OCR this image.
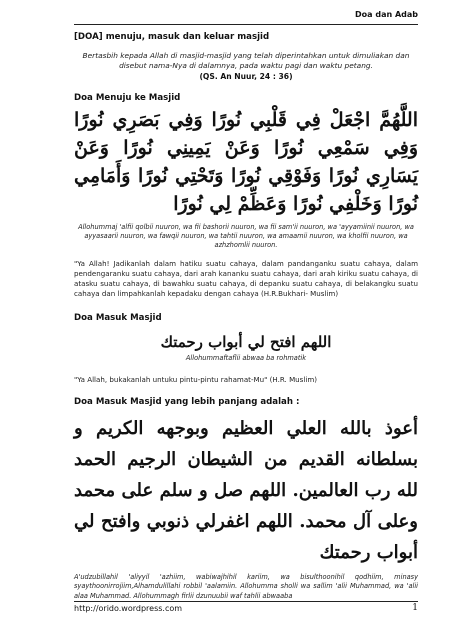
Doa dan Adab

[DOA] menuju, masuk dan keluar masjid

Bertasbih kepada Allah di masjid-masjid yang telah diperintahkan untuk dimuliakan dan disebut nama-Nya di dalamnya, pada waktu pagi dan waktu petang.
(QS. An Nuur, 24 : 36)

Doa Menuju ke Masjid

اللَّهُمَّ اجْعَلْ فِي قَلْبِي نُورًا وَفِي بَصَرِي نُورًا وَفِي سَمْعِي نُورًا وَعَنْ يَمِينِي نُورًا وَعَنْ يَسَارِي نُورًا وَفَوْقِي نُورًا وَتَحْتِي نُورًا وَأَمَامِي نُورًا وَخَلْفِي نُورًا وَعَظِّمْ لِي نُورًا
Allohummaj 'alfii qolbii nuuron, wa fii bashorii nuuron, wa fii sam'ii nuuron, wa 'ayyamiinii nuuron, wa ayyasaarii nuuron, wa fawqii nuuron, wa tahtii nuuron, wa amaamii nuuron, wa kholfii nuuron, wa azhzhomlii nuuron.
"Ya Allah! Jadikanlah dalam hatiku suatu cahaya, dalam pandanganku suatu cahaya, dalam pendengaranku suatu cahaya, dari arah kananku suatu cahaya, dari arah kiriku suatu cahaya, di atasku suatu cahaya, di bawahku suatu cahaya, di depanku suatu cahaya, di belakangku suatu cahaya dan limpahkanlah kepadaku dengan cahaya (H.R.Bukhari- Muslim)

Doa Masuk Masjid

اللهم افتح لي أبواب رحمتك
Allohummaftaflii abwaa ba rohmatik
"Ya Allah, bukakanlah untuku pintu-pintu rahamat-Mu" (H.R. Muslim)

Doa Masuk Masjid yang lebih panjang adalah :

أعوذ بالله العلي العظيم وبوجهه الكريم و بسلطانه القديم من الشيطان الرجيم الحمد لله رب العالمين. اللهم صل و سلم على محمد وعلى آل محمد. اللهم اغفرلي ذنوبي وافتح لي أبواب رحمتك
A'udzubillahil 'aliyyil 'azhiim, wabiwajhihil kariim, wa bisulthoonihil qodhiim, minasy syaythoonirrojiim,Alhamdulillahi robbil 'aalamiin. Allohumma sholli wa sallim 'alii Muhammad, wa 'alii alaa Muhammad. Allohummagh firlii dzunuubii waf tahlii abwaaba
http://orido.wordpress.com	1
